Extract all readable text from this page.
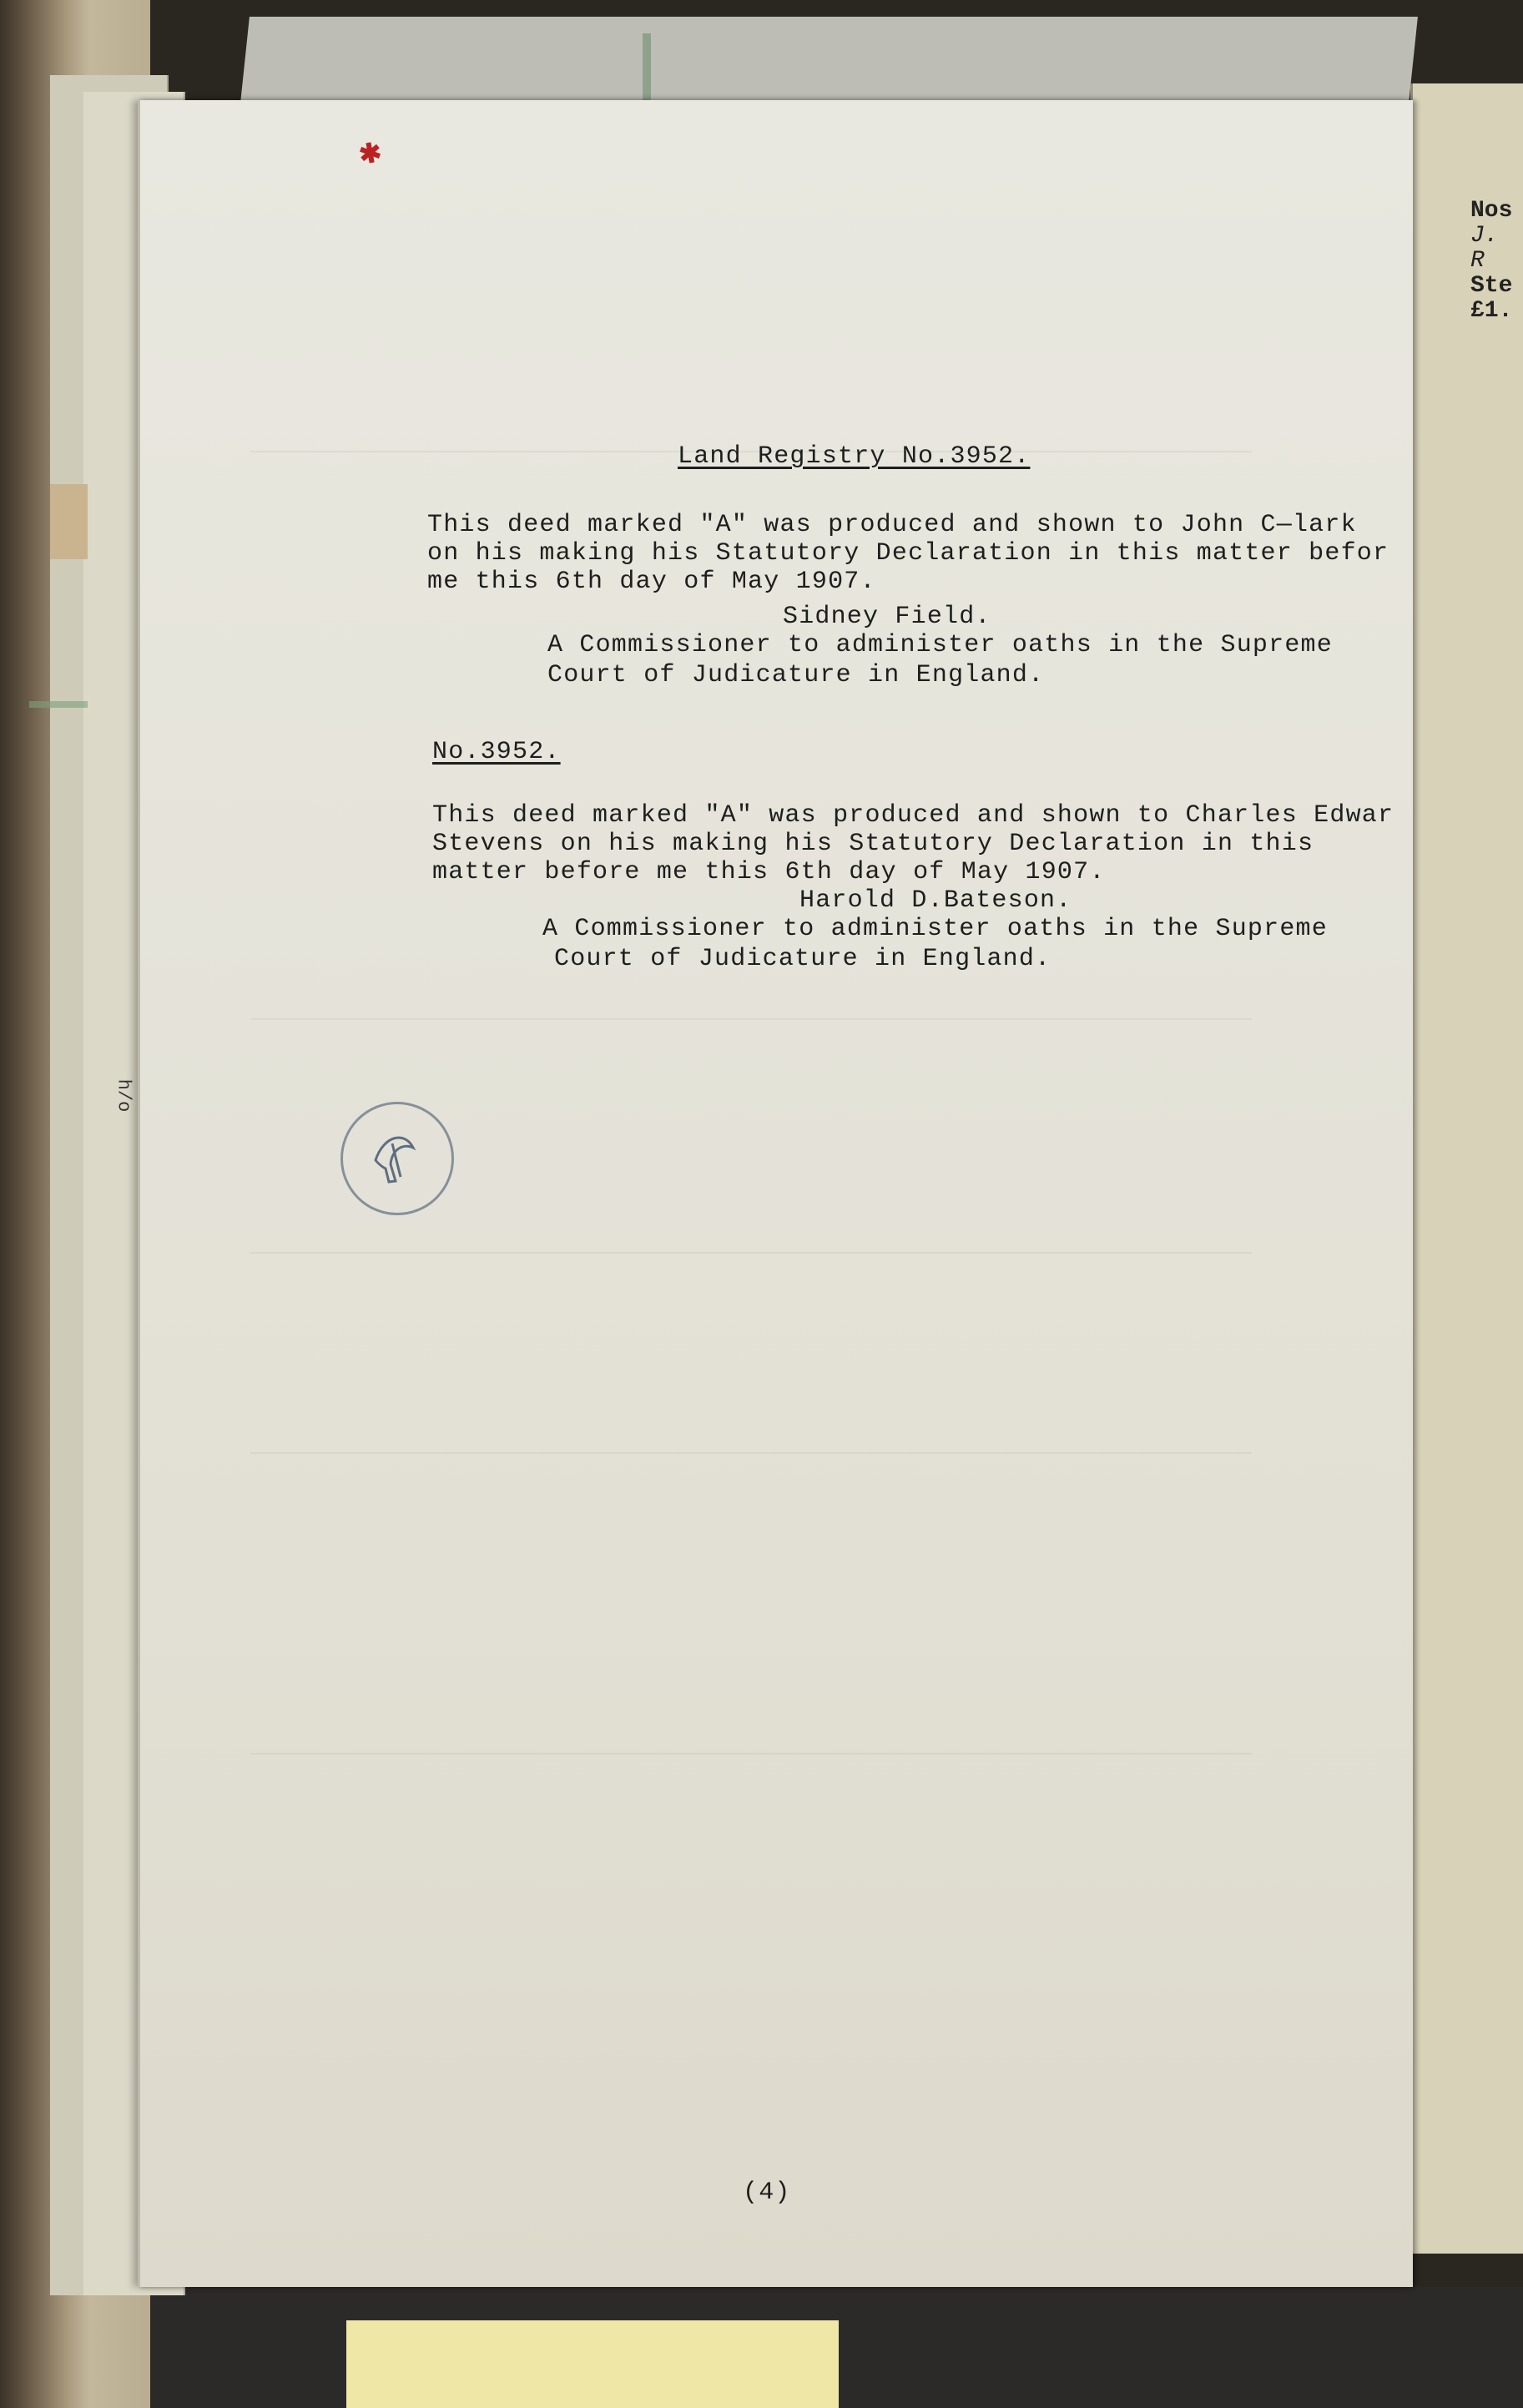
h/o
Nos
J. R
Ste
£1.
✱
Land Registry No.3952.
This deed marked "A" was produced and shown to John C—lark
on his making his Statutory Declaration in this matter befor
me this 6th day of May 1907.
Sidney Field.
A Commissioner to administer oaths in the Supreme
Court of Judicature in England.
No.3952.
This deed marked "A" was produced and shown to Charles Edwar
Stevens on his making his Statutory Declaration in this
matter before me this 6th day of May 1907.
Harold D.Bateson.
A Commissioner to administer oaths in the Supreme
Court of Judicature in England.
(4)
